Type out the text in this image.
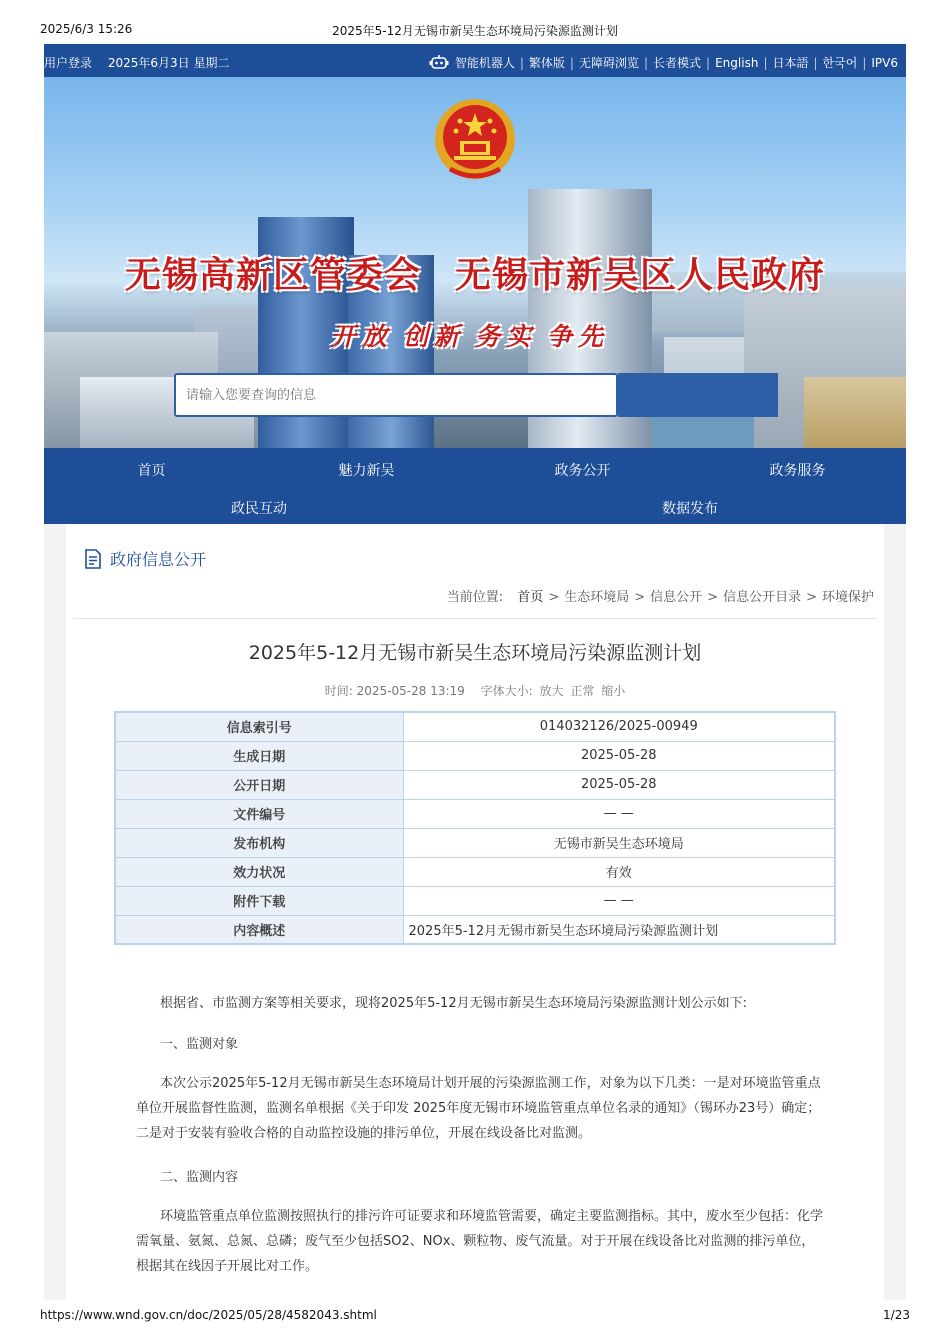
2025/6/3 15:26	2025年5-12月无锡市新吴生态环境局污染源监测计划
用户登录 2025年6月3日 星期二	智能机器人 | 繁体版 | 无障碍浏览 | 长者模式 | English | 日本語 | 한국어 | IPV6
无锡高新区管委会 无锡市新吴区人民政府
开放 创新 务实 争先
请输入您要查询的信息
首页	魅力新吴	政务公开	政务服务
政民互动	数据发布
政府信息公开
当前位置: 首页 > 生态环境局 > 信息公开 > 信息公开目录 > 环境保护
2025年5-12月无锡市新吴生态环境局污染源监测计划
时间: 2025-05-28 13:19 字体大小: 放大 正常 缩小
信息索引号	014032126/2025-00949
生成日期	2025-05-28
公开日期	2025-05-28
文件编号	— —
发布机构	无锡市新吴生态环境局
效力状况	有效
附件下载	— —
内容概述	2025年5-12月无锡市新吴生态环境局污染源监测计划

根据省、市监测方案等相关要求，现将2025年5-12月无锡市新吴生态环境局污染源监测计划公示如下:

一、监测对象

本次公示2025年5-12月无锡市新吴生态环境局计划开展的污染源监测工作，对象为以下几类：一是对环境监管重点单位开展监督性监测，监测名单根据《关于印发 2025年度无锡市环境监管重点单位名录的通知》（锡环办23号）确定；二是对于安装有验收合格的自动监控设施的排污单位，开展在线设备比对监测。

二、监测内容

环境监管重点单位监测按照执行的排污许可证要求和环境监管需要，确定主要监测指标。其中，废水至少包括：化学需氧量、氨氮、总氮、总磷；废气至少包括SO2、NOx、颗粒物、废气流量。对于开展在线设备比对监测的排污单位，根据其在线因子开展比对工作。

https://www.wnd.gov.cn/doc/2025/05/28/4582043.shtml	1/23
